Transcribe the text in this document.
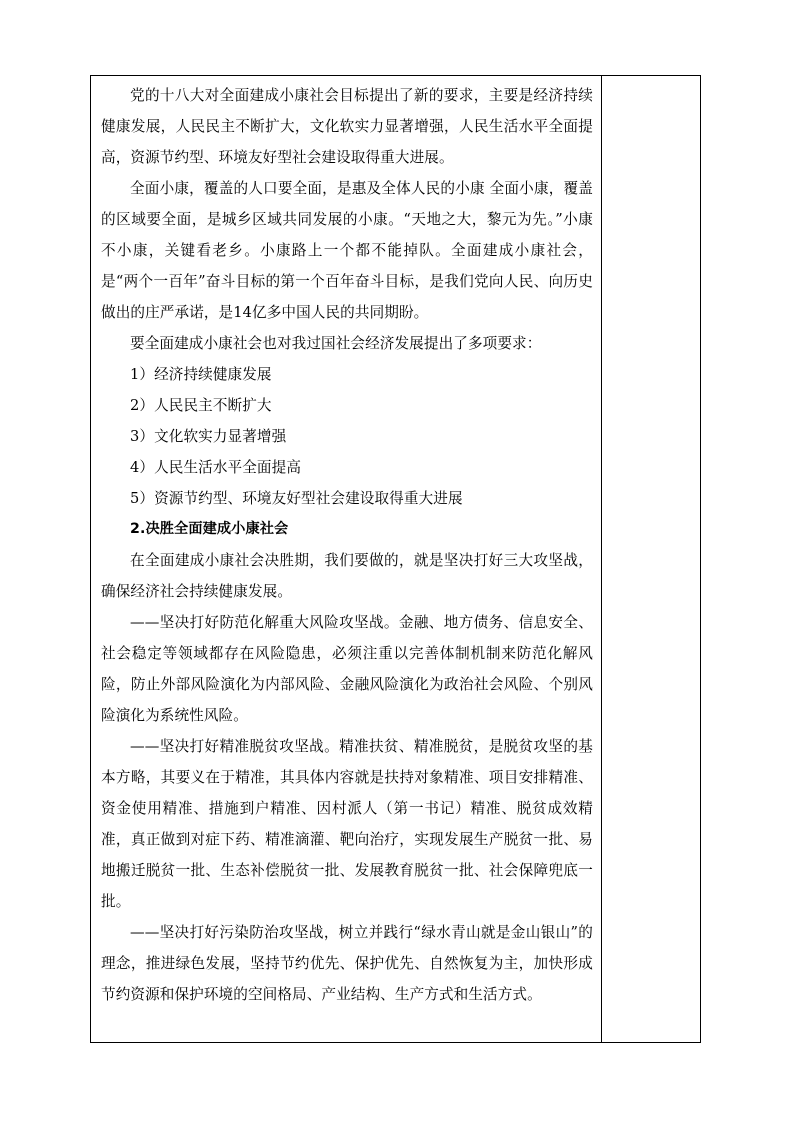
党的十八大对全面建成小康社会目标提出了新的要求，主要是经济持续健康发展，人民民主不断扩大，文化软实力显著增强，人民生活水平全面提高，资源节约型、环境友好型社会建设取得重大进展。

全面小康，覆盖的人口要全面，是惠及全体人民的小康 全面小康，覆盖的区域要全面，是城乡区域共同发展的小康。“天地之大，黎元为先。”小康不小康，关键看老乡。小康路上一个都不能掉队。全面建成小康社会，是“两个一百年”奋斗目标的第一个百年奋斗目标，是我们党向人民、向历史做出的庄严承诺，是14亿多中国人民的共同期盼。

要全面建成小康社会也对我过国社会经济发展提出了多项要求：

1）经济持续健康发展

2）人民民主不断扩大

3）文化软实力显著增强

4）人民生活水平全面提高

5）资源节约型、环境友好型社会建设取得重大进展

2.决胜全面建成小康社会

在全面建成小康社会决胜期，我们要做的，就是坚决打好三大攻坚战，确保经济社会持续健康发展。

——坚决打好防范化解重大风险攻坚战。金融、地方债务、信息安全、社会稳定等领域都存在风险隐患，必须注重以完善体制机制来防范化解风险，防止外部风险演化为内部风险、金融风险演化为政治社会风险、个别风险演化为系统性风险。

——坚决打好精准脱贫攻坚战。精准扶贫、精准脱贫，是脱贫攻坚的基本方略，其要义在于精准，其具体内容就是扶持对象精准、项目安排精准、资金使用精准、措施到户精准、因村派人（第一书记）精准、脱贫成效精准，真正做到对症下药、精准滴灌、靶向治疗，实现发展生产脱贫一批、易地搬迁脱贫一批、生态补偿脱贫一批、发展教育脱贫一批、社会保障兜底一批。

——坚决打好污染防治攻坚战，树立并践行“绿水青山就是金山银山”的理念，推进绿色发展，坚持节约优先、保护优先、自然恢复为主，加快形成节约资源和保护环境的空间格局、产业结构、生产方式和生活方式。
